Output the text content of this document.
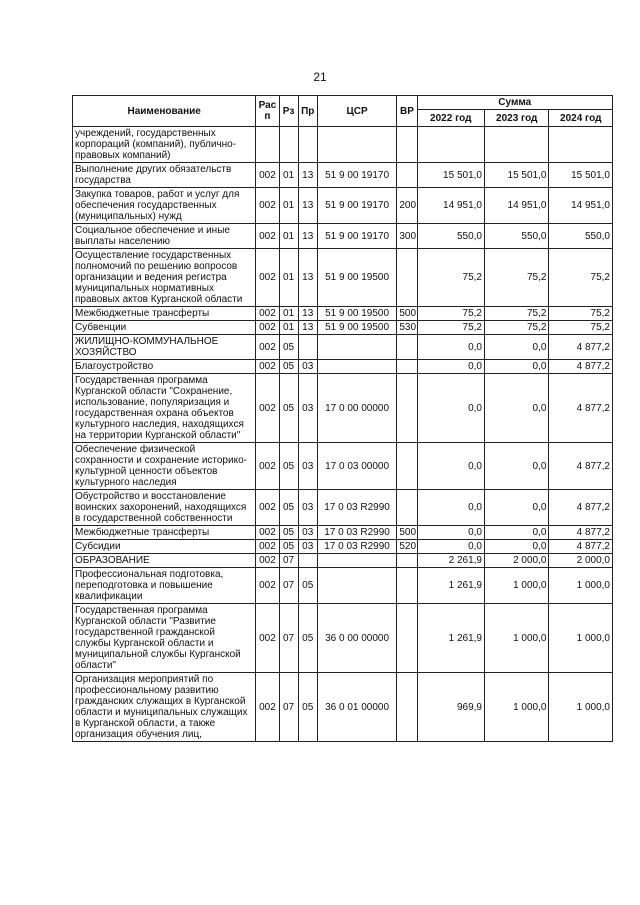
21
Наименование	Рас п	Рз	Пр	ЦСР	ВР	Сумма		
						2022 год	2023 год	2024 год
учреждений, государственных корпораций (компаний), публично-правовых компаний)								
Выполнение других обязательств государства	002	01	13	51 9 00 19170		15 501,0	15 501,0	15 501,0
Закупка товаров, работ и услуг для обеспечения государственных (муниципальных) нужд	002	01	13	51 9 00 19170	200	14 951,0	14 951,0	14 951,0
Социальное обеспечение и иные выплаты населению	002	01	13	51 9 00 19170	300	550,0	550,0	550,0
Осуществление государственных полномочий по решению вопросов организации и ведения регистра муниципальных нормативных правовых актов Курганской области	002	01	13	51 9 00 19500		75,2	75,2	75,2
Межбюджетные трансферты	002	01	13	51 9 00 19500	500	75,2	75,2	75,2
Субвенции	002	01	13	51 9 00 19500	530	75,2	75,2	75,2
ЖИЛИЩНО-КОММУНАЛЬНОЕ ХОЗЯЙСТВО	002	05				0,0	0,0	4 877,2
Благоустройство	002	05	03			0,0	0,0	4 877,2
Государственная программа Курганской области "Сохранение, использование, популяризация и государственная охрана объектов культурного наследия, находящихся на территории Курганской области"	002	05	03	17 0 00 00000		0,0	0,0	4 877,2
Обеспечение физической сохранности и сохранение историко-культурной ценности объектов культурного наследия	002	05	03	17 0 03 00000		0,0	0,0	4 877,2
Обустройство и восстановление воинских захоронений, находящихся в государственной собственности	002	05	03	17 0 03 R2990		0,0	0,0	4 877,2
Межбюджетные трансферты	002	05	03	17 0 03 R2990	500	0,0	0,0	4 877,2
Субсидии	002	05	03	17 0 03 R2990	520	0,0	0,0	4 877,2
ОБРАЗОВАНИЕ	002	07				2 261,9	2 000,0	2 000,0
Профессиональная подготовка, переподготовка и повышение квалификации	002	07	05			1 261,9	1 000,0	1 000,0
Государственная программа Курганской области "Развитие государственной гражданской службы Курганской области и муниципальной службы Курганской области"	002	07	05	36 0 00 00000		1 261,9	1 000,0	1 000,0
Организация мероприятий по профессиональному развитию гражданских служащих в Курганской области и муниципальных служащих в Курганской области, а также организация обучения лиц,	002	07	05	36 0 01 00000		969,9	1 000,0	1 000,0
